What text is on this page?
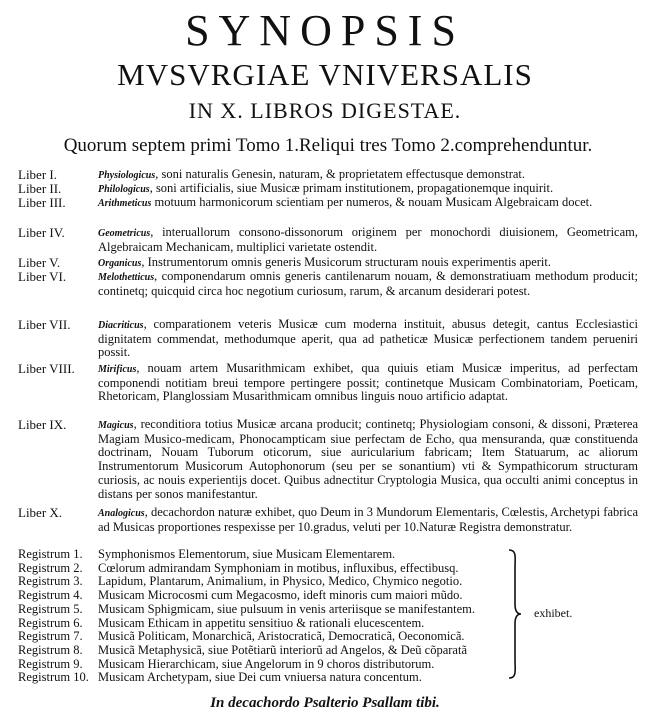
SYNOPSIS
MVSVRGIAE VNIVERSALIS
IN X. LIBROS DIGESTAE.
Quorum septem primi Tomo 1.Reliqui tres Tomo 2.comprehenduntur.
Liber I.	Physiologicus, soni naturalis Genesin, naturam, & proprietatem effectusque demonstrat.
Liber II.	Philologicus, soni artificialis, siue Musicæ primam institutionem, propagationemque inquirit.
Liber III.	Arithmeticus motuum harmonicorum scientiam per numeros, & nouam Musicam Algebraicam docet.
Liber IV.	Geometricus, interuallorum consono-dissonorum originem per monochordi diuisionem, Geometricam, Algebraicam Mechanicam, multiplici varietate ostendit.
Liber V.	Organicus, Instrumentorum omnis generis Musicorum structuram nouis experimentis aperit.
Liber VI.	Melothetticus, componendarum omnis generis cantilenarum nouam, & demonstratiuam methodum producit; continetq; quicquid circa hoc negotium curiosum, rarum, & arcanum desiderari potest.
Liber VII.	Diacriticus, comparationem veteris Musicæ cum moderna instituit, abusus detegit, cantus Ecclesiastici dignitatem commendat, methodumque aperit, qua ad patheticæ Musicæ perfectionem tandem perueniri possit.
Liber VIII.	Mirificus, nouam artem Musarithmicam exhibet, qua quiuis etiam Musicæ imperitus, ad perfectam componendi notitiam breui tempore pertingere possit; continetque Musicam Combinatoriam, Poeticam, Rhetoricam, Planglossiam Musarithmicam omnibus linguis nouo artificio adaptat.
Liber IX.	Magicus, reconditiora totius Musicæ arcana producit; continetq; Physiologiam consoni, & dissoni, Præterea Magiam Musico-medicam, Phonocampticam siue perfectam de Echo, qua mensuranda, quæ constituenda doctrinam, Nouam Tuborum oticorum, siue auricularium fabricam; Item Statuarum, ac aliorum Instrumentorum Musicorum Autophonorum (seu per se sonantium) vti & Sympathicorum structuram curiosis, ac nouis experientijs docet. Quibus adnectitur Cryptologia Musica, qua occulti animi conceptus in distans per sonos manifestantur.
Liber X.	Analogicus, decachordon naturæ exhibet, quo Deum in 3 Mundorum Elementaris, Cœlestis, Archetypi fabrica ad Musicas proportiones respexisse per 10.gradus, veluti per 10.Naturæ Registra demonstratur.
Registrum 1. Symphonismos Elementorum, siue Musicam Elementarem.
Registrum 2. Cœlorum admirandam Symphoniam in motibus, influxibus, effectibusq.
Registrum 3. Lapidum, Plantarum, Animalium, in Physico, Medico, Chymico negotio.
Registrum 4. Musicam Microcosmi cum Megacosmo, ideft minoris cum maiori mũdo.
Registrum 5. Musicam Sphigmicam, siue pulsuum in venis arteriisque se manifestantem.
Registrum 6. Musicam Ethicam in appetitu sensitiuo & rationali elucescentem.
Registrum 7. Musicã Politicam, Monarchicã, Aristocraticã, Democraticã, Oeconomicã.
Registrum 8. Musicã Metaphysicã, siue Potẽtiarũ interiorũ ad Angelos, & Deũ cõparatã
Registrum 9. Musicam Hierarchicam, siue Angelorum in 9 choros distributorum.
Registrum 10. Musicam Archetypam, siue Dei cum vniuersa natura concentum.
exhibet.
In decachordo Psalterio Psallam tibi.
